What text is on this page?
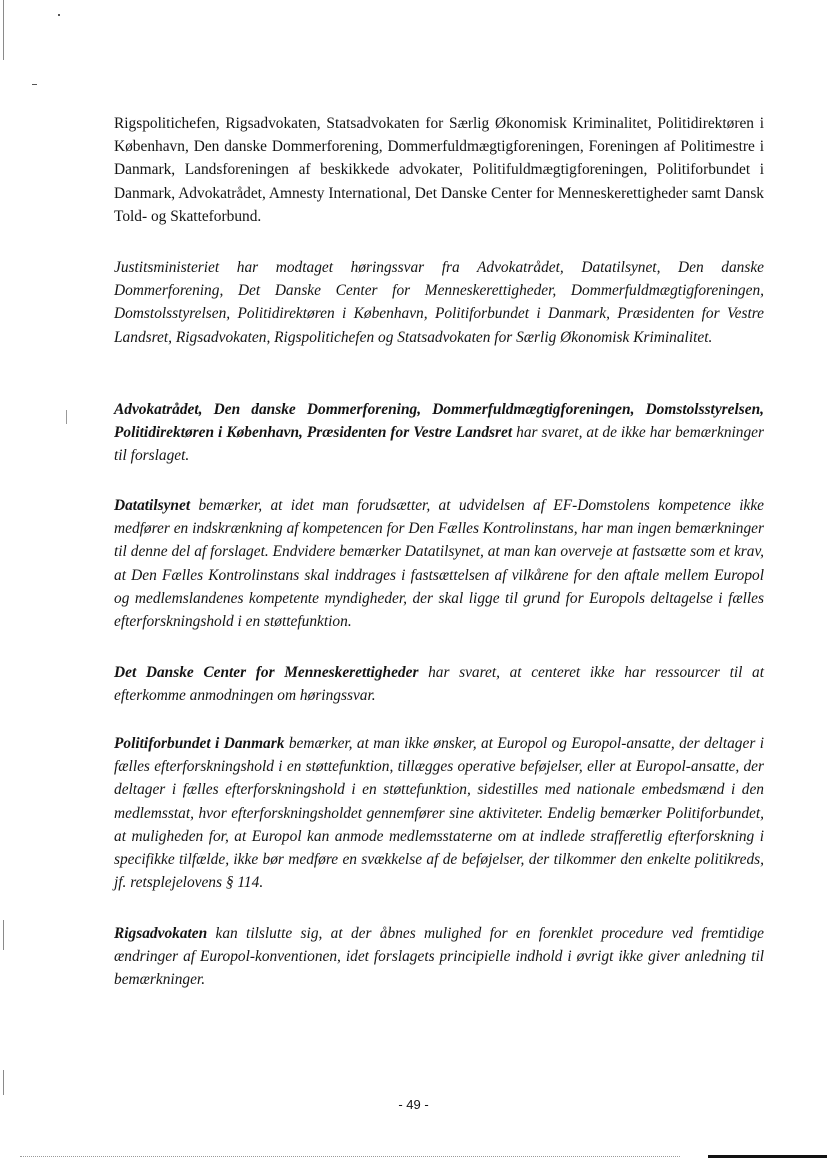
Rigspolitichefen, Rigsadvokaten, Statsadvokaten for Særlig Økonomisk Kriminalitet, Politidirektøren i København, Den danske Dommerforening, Dommerfuldmægtigforeningen, Foreningen af Politimestre i Danmark, Landsforeningen af beskikkede advokater, Politifuldmægtigforeningen, Politiforbundet i Danmark, Advokatrådet, Amnesty International, Det Danske Center for Menneskerettigheder samt Dansk Told- og Skatteforbund.

Justitsministeriet har modtaget høringssvar fra Advokatrådet, Datatilsynet, Den danske Dommerforening, Det Danske Center for Menneskerettigheder, Dommerfuldmægtigforeningen, Domstolsstyrelsen, Politidirektøren i København, Politiforbundet i Danmark, Præsidenten for Vestre Landsret, Rigsadvokaten, Rigspolitichefen og Statsadvokaten for Særlig Økonomisk Kriminalitet.

Advokatrådet, Den danske Dommerforening, Dommerfuldmægtigforeningen, Domstolsstyrelsen, Politidirektøren i København, Præsidenten for Vestre Landsret har svaret, at de ikke har bemærkninger til forslaget.

Datatilsynet bemærker, at idet man forudsætter, at udvidelsen af EF-Domstolens kompetence ikke medfører en indskrænkning af kompetencen for Den Fælles Kontrolinstans, har man ingen bemærkninger til denne del af forslaget. Endvidere bemærker Datatilsynet, at man kan overveje at fastsætte som et krav, at Den Fælles Kontrolinstans skal inddrages i fastsættelsen af vilkårene for den aftale mellem Europol og medlemslandenes kompetente myndigheder, der skal ligge til grund for Europols deltagelse i fælles efterforskningshold i en støttefunktion.

Det Danske Center for Menneskerettigheder har svaret, at centeret ikke har ressourcer til at efterkomme anmodningen om høringssvar.

Politiforbundet i Danmark bemærker, at man ikke ønsker, at Europol og Europol-ansatte, der deltager i fælles efterforskningshold i en støttefunktion, tillægges operative beføjelser, eller at Europol-ansatte, der deltager i fælles efterforskningshold i en støttefunktion, sidestilles med nationale embedsmænd i den medlemsstat, hvor efterforskningsholdet gennemfører sine aktiviteter. Endelig bemærker Politiforbundet, at muligheden for, at Europol kan anmode medlemsstaterne om at indlede strafferetlig efterforskning i specifikke tilfælde, ikke bør medføre en svækkelse af de beføjelser, der tilkommer den enkelte politikreds, jf. retsplejelovens § 114.

Rigsadvokaten kan tilslutte sig, at der åbnes mulighed for en forenklet procedure ved fremtidige ændringer af Europol-konventionen, idet forslagets principielle indhold i øvrigt ikke giver anledning til bemærkninger.

- 49 -
